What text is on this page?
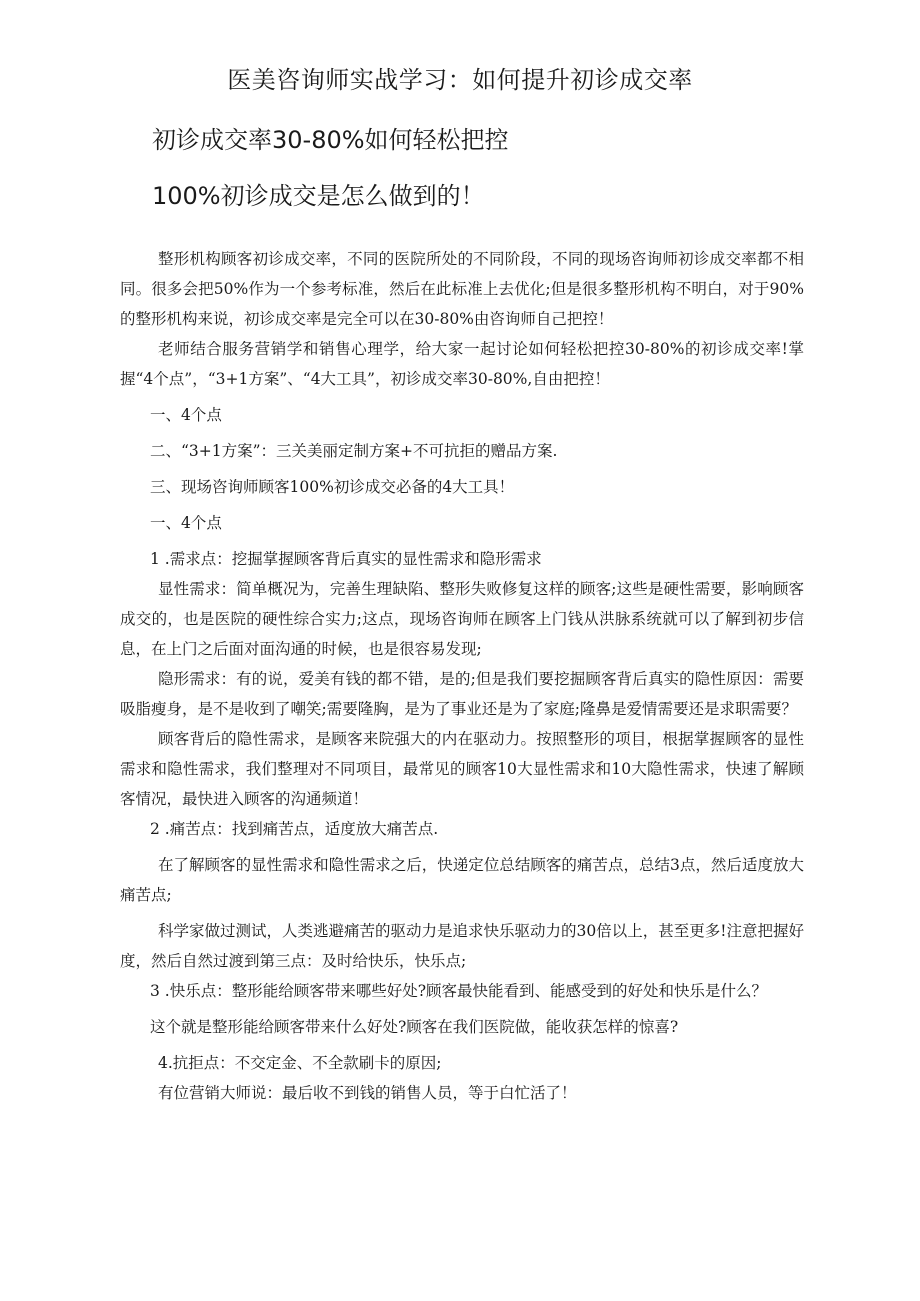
医美咨询师实战学习：如何提升初诊成交率
初诊成交率30-80%如何轻松把控
100%初诊成交是怎么做到的！

整形机构顾客初诊成交率，不同的医院所处的不同阶段，不同的现场咨询师初诊成交率都不相同。很多会把50%作为一个参考标准，然后在此标准上去优化;但是很多整形机构不明白，对于90%的整形机构来说，初诊成交率是完全可以在30-80%由咨询师自己把控！

老师结合服务营销学和销售心理学，给大家一起讨论如何轻松把控30-80%的初诊成交率!掌握“4个点”，“3+1方案”、“4大工具”，初诊成交率30-80%,自由把控！

一、4个点

二、“3+1方案”：三关美丽定制方案+不可抗拒的赠品方案.

三、现场咨询师顾客100%初诊成交必备的4大工具！

一、4个点

1 .需求点：挖掘掌握顾客背后真实的显性需求和隐形需求

显性需求：简单概况为，完善生理缺陷、整形失败修复这样的顾客;这些是硬性需要，影响顾客成交的，也是医院的硬性综合实力;这点，现场咨询师在顾客上门钱从洪脉系统就可以了解到初步信息，在上门之后面对面沟通的时候，也是很容易发现;

隐形需求：有的说，爱美有钱的都不错，是的;但是我们要挖掘顾客背后真实的隐性原因：需要吸脂瘦身，是不是收到了嘲笑;需要隆胸，是为了事业还是为了家庭;隆鼻是爱情需要还是求职需要？

顾客背后的隐性需求，是顾客来院强大的内在驱动力。按照整形的项目，根据掌握顾客的显性需求和隐性需求，我们整理对不同项目，最常见的顾客10大显性需求和10大隐性需求，快速了解顾客情况，最快进入顾客的沟通频道！

2 .痛苦点：找到痛苦点，适度放大痛苦点.

在了解顾客的显性需求和隐性需求之后，快递定位总结顾客的痛苦点，总结3点，然后适度放大痛苦点;

科学家做过测试，人类逃避痛苦的驱动力是追求快乐驱动力的30倍以上，甚至更多!注意把握好度，然后自然过渡到第三点：及时给快乐，快乐点;

3 .快乐点：整形能给顾客带来哪些好处?顾客最快能看到、能感受到的好处和快乐是什么？

这个就是整形能给顾客带来什么好处?顾客在我们医院做，能收获怎样的惊喜?

4.抗拒点：不交定金、不全款刷卡的原因;

有位营销大师说：最后收不到钱的销售人员，等于白忙活了！
